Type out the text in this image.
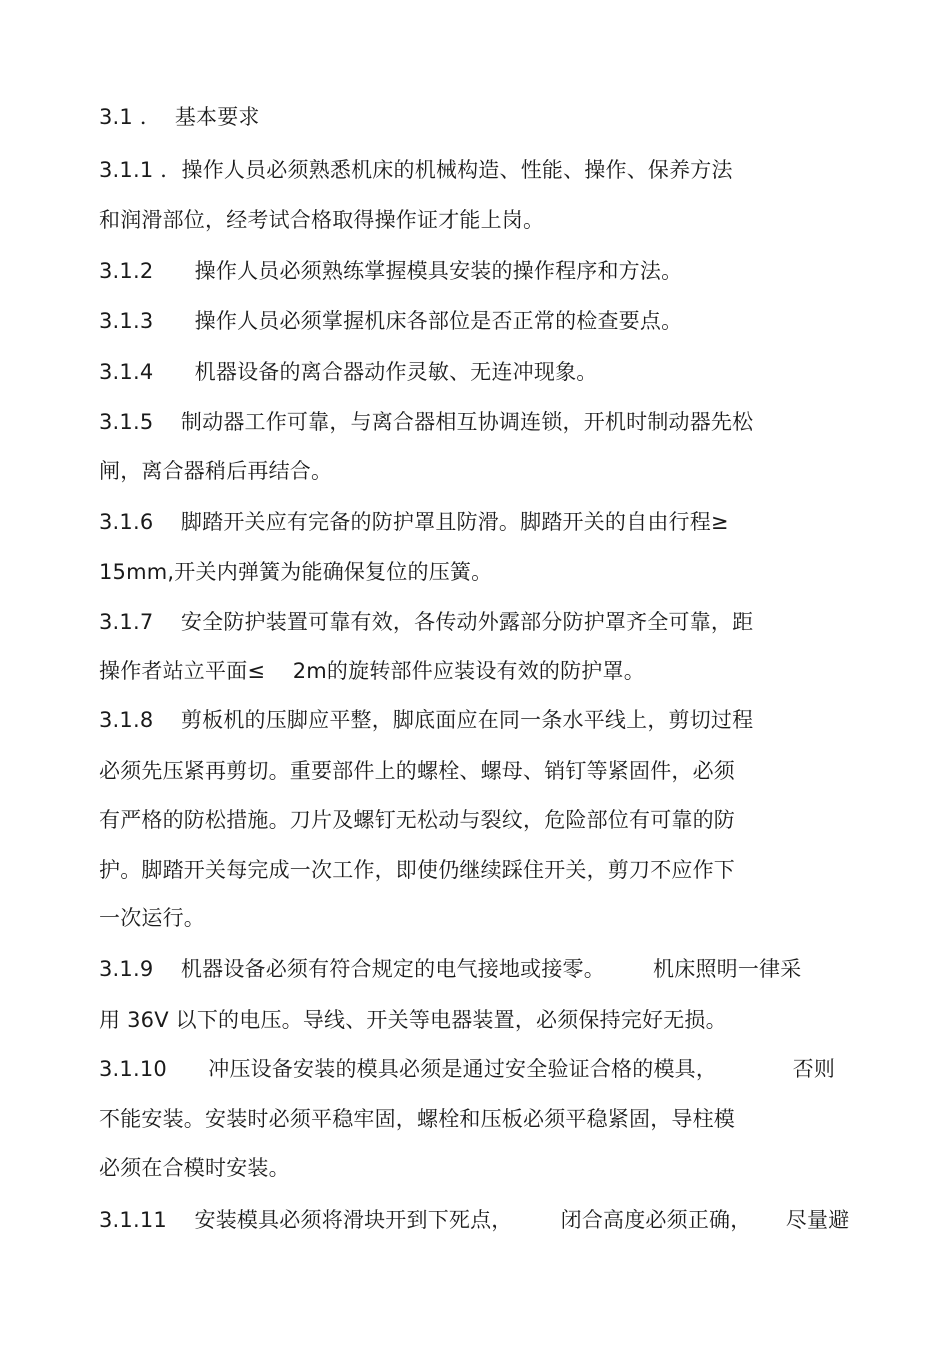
3.1 ．  基本要求
3.1.1 ．操作人员必须熟悉机床的机械构造、性能、操作、保养方法
和润滑部位，经考试合格取得操作证才能上岗。
3.1.2      操作人员必须熟练掌握模具安装的操作程序和方法。
3.1.3      操作人员必须掌握机床各部位是否正常的检查要点。
3.1.4      机器设备的离合器动作灵敏、无连冲现象。
3.1.5    制动器工作可靠，与离合器相互协调连锁，开机时制动器先松
闸，离合器稍后再结合。
3.1.6    脚踏开关应有完备的防护罩且防滑。脚踏开关的自由行程≥
15mm,开关内弹簧为能确保复位的压簧。
3.1.7    安全防护装置可靠有效，各传动外露部分防护罩齐全可靠，距
操作者站立平面≤    2m的旋转部件应装设有效的防护罩。
3.1.8    剪板机的压脚应平整，脚底面应在同一条水平线上，剪切过程
必须先压紧再剪切。重要部件上的螺栓、螺母、销钉等紧固件，必须
有严格的防松措施。刀片及螺钉无松动与裂纹，危险部位有可靠的防
护。脚踏开关每完成一次工作，即使仍继续踩住开关，剪刀不应作下
一次运行。
3.1.9    机器设备必须有符合规定的电气接地或接零。       机床照明一律采
用 36V 以下的电压。导线、开关等电器装置，必须保持完好无损。
3.1.10      冲压设备安装的模具必须是通过安全验证合格的模具，           否则
不能安装。安装时必须平稳牢固，螺栓和压板必须平稳紧固，导柱模
必须在合模时安装。
3.1.11    安装模具必须将滑块开到下死点，       闭合高度必须正确，     尽量避
